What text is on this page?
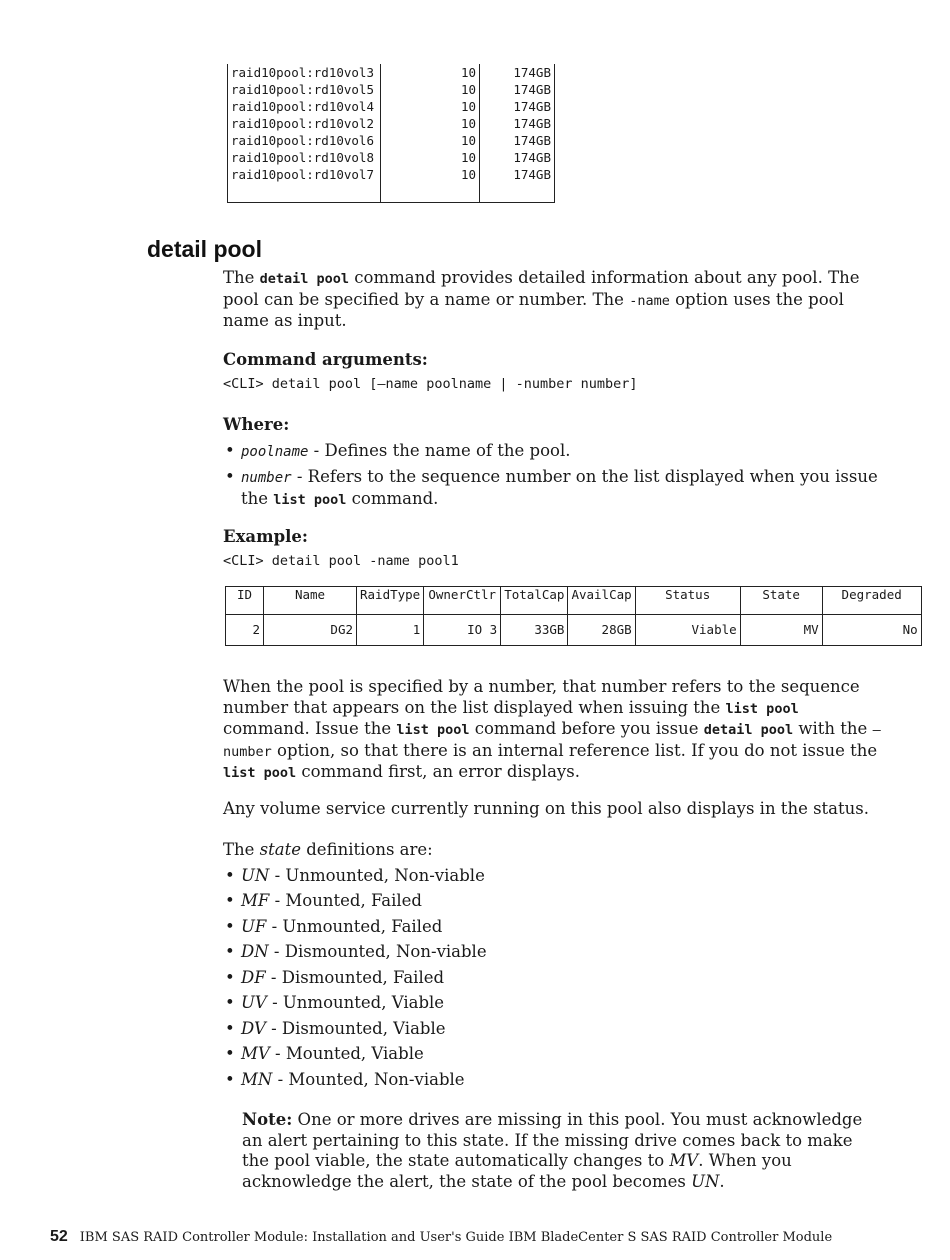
raid10pool:rd10vol3	10	174GB
raid10pool:rd10vol5	10	174GB
raid10pool:rd10vol4	10	174GB
raid10pool:rd10vol2	10	174GB
raid10pool:rd10vol6	10	174GB
raid10pool:rd10vol8	10	174GB
raid10pool:rd10vol7	10	174GB
detail pool

The detail pool command provides detailed information about any pool. The pool can be specified by a name or number. The -name option uses the pool name as input.

Command arguments:

<CLI> detail pool [—name poolname | -number number]

Where:

• poolname - Defines the name of the pool.
• number - Refers to the sequence number on the list displayed when you issue the list pool command.

Example:

<CLI> detail pool -name pool1

ID	Name	RaidType	OwnerCtlr	TotalCap	AvailCap	Status	State	Degraded

2	DG2	1	IO 3	33GB	28GB	Viable	MV	No

When the pool is specified by a number, that number refers to the sequence number that appears on the list displayed when issuing the list pool command. Issue the list pool command before you issue detail pool with the —number option, so that there is an internal reference list. If you do not issue the list pool command first, an error displays.

Any volume service currently running on this pool also displays in the status.

The state definitions are:

• UN - Unmounted, Non-viable
• MF - Mounted, Failed
• UF - Unmounted, Failed
• DN - Dismounted, Non-viable
• DF - Dismounted, Failed
• UV - Unmounted, Viable
• DV - Dismounted, Viable
• MV - Mounted, Viable
• MN - Mounted, Non-viable

Note: One or more drives are missing in this pool. You must acknowledge an alert pertaining to this state. If the missing drive comes back to make the pool viable, the state automatically changes to MV. When you acknowledge the alert, the state of the pool becomes UN.

52 IBM SAS RAID Controller Module: Installation and User's Guide IBM BladeCenter S SAS RAID Controller Module
